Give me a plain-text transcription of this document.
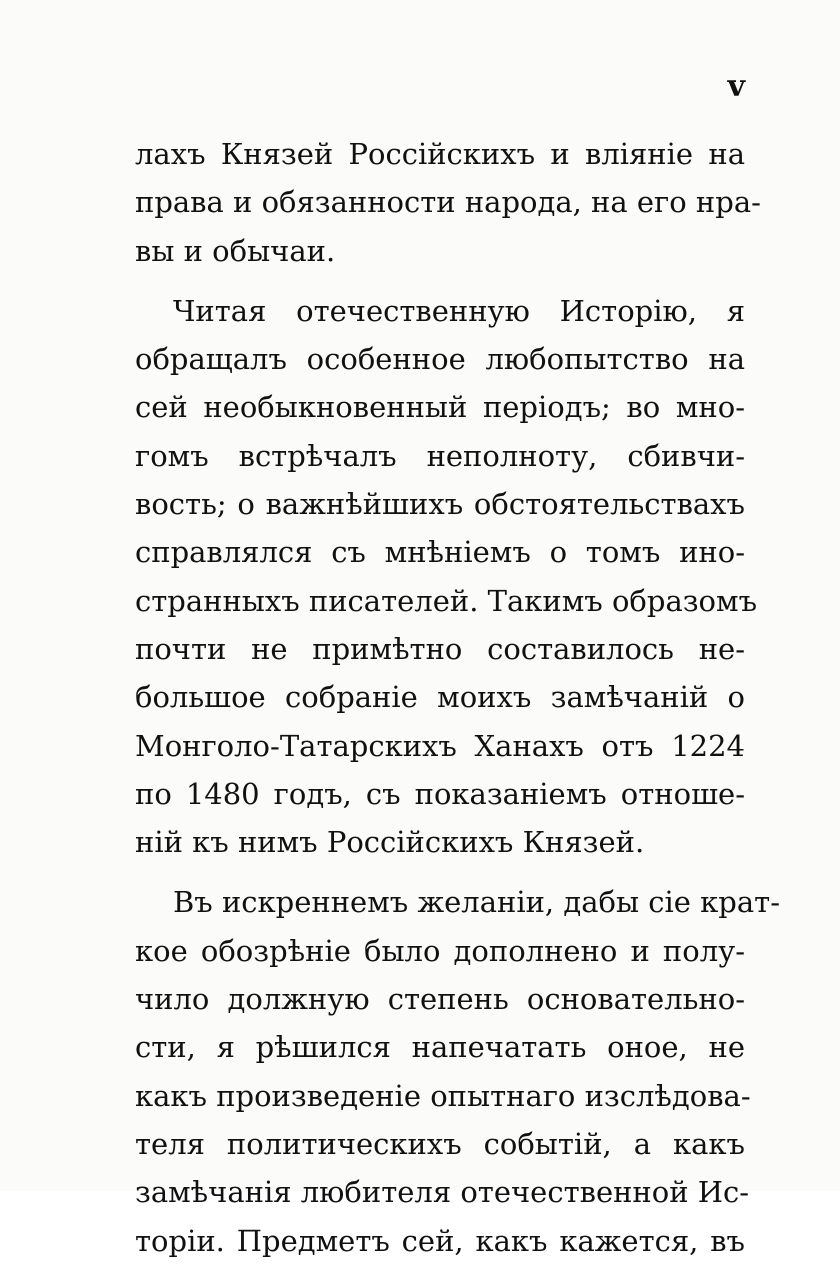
v
лахъ Князей Россійскихъ и вліяніе на
права и обязанности народа, на его нра-
вы и обычаи.
Читая отечественную Исторію, я
обращалъ особенное любопытство на
сей необыкновенный періодъ; во мно-
гомъ встрѣчалъ неполноту, сбивчи-
вость; о важнѣйшихъ обстоятельствахъ
справлялся съ мнѣніемъ о томъ ино-
странныхъ писателей. Такимъ образомъ
почти не примѣтно составилось не-
большое собраніе моихъ замѣчаній о
Монголо-Татарскихъ Ханахъ отъ 1224
по 1480 годъ, съ показаніемъ отноше-
ній къ нимъ Россійскихъ Князей.
Въ искреннемъ желаніи, дабы сіе крат-
кое обозрѣніе было дополнено и полу-
чило должную степень основательно-
сти, я рѣшился напечатать оное, не
какъ произведеніе опытнаго изслѣдова-
теля политическихъ событій, а какъ
замѣчанія любителя отечественной Ис-
торіи. Предметъ сей, какъ кажется, въ
